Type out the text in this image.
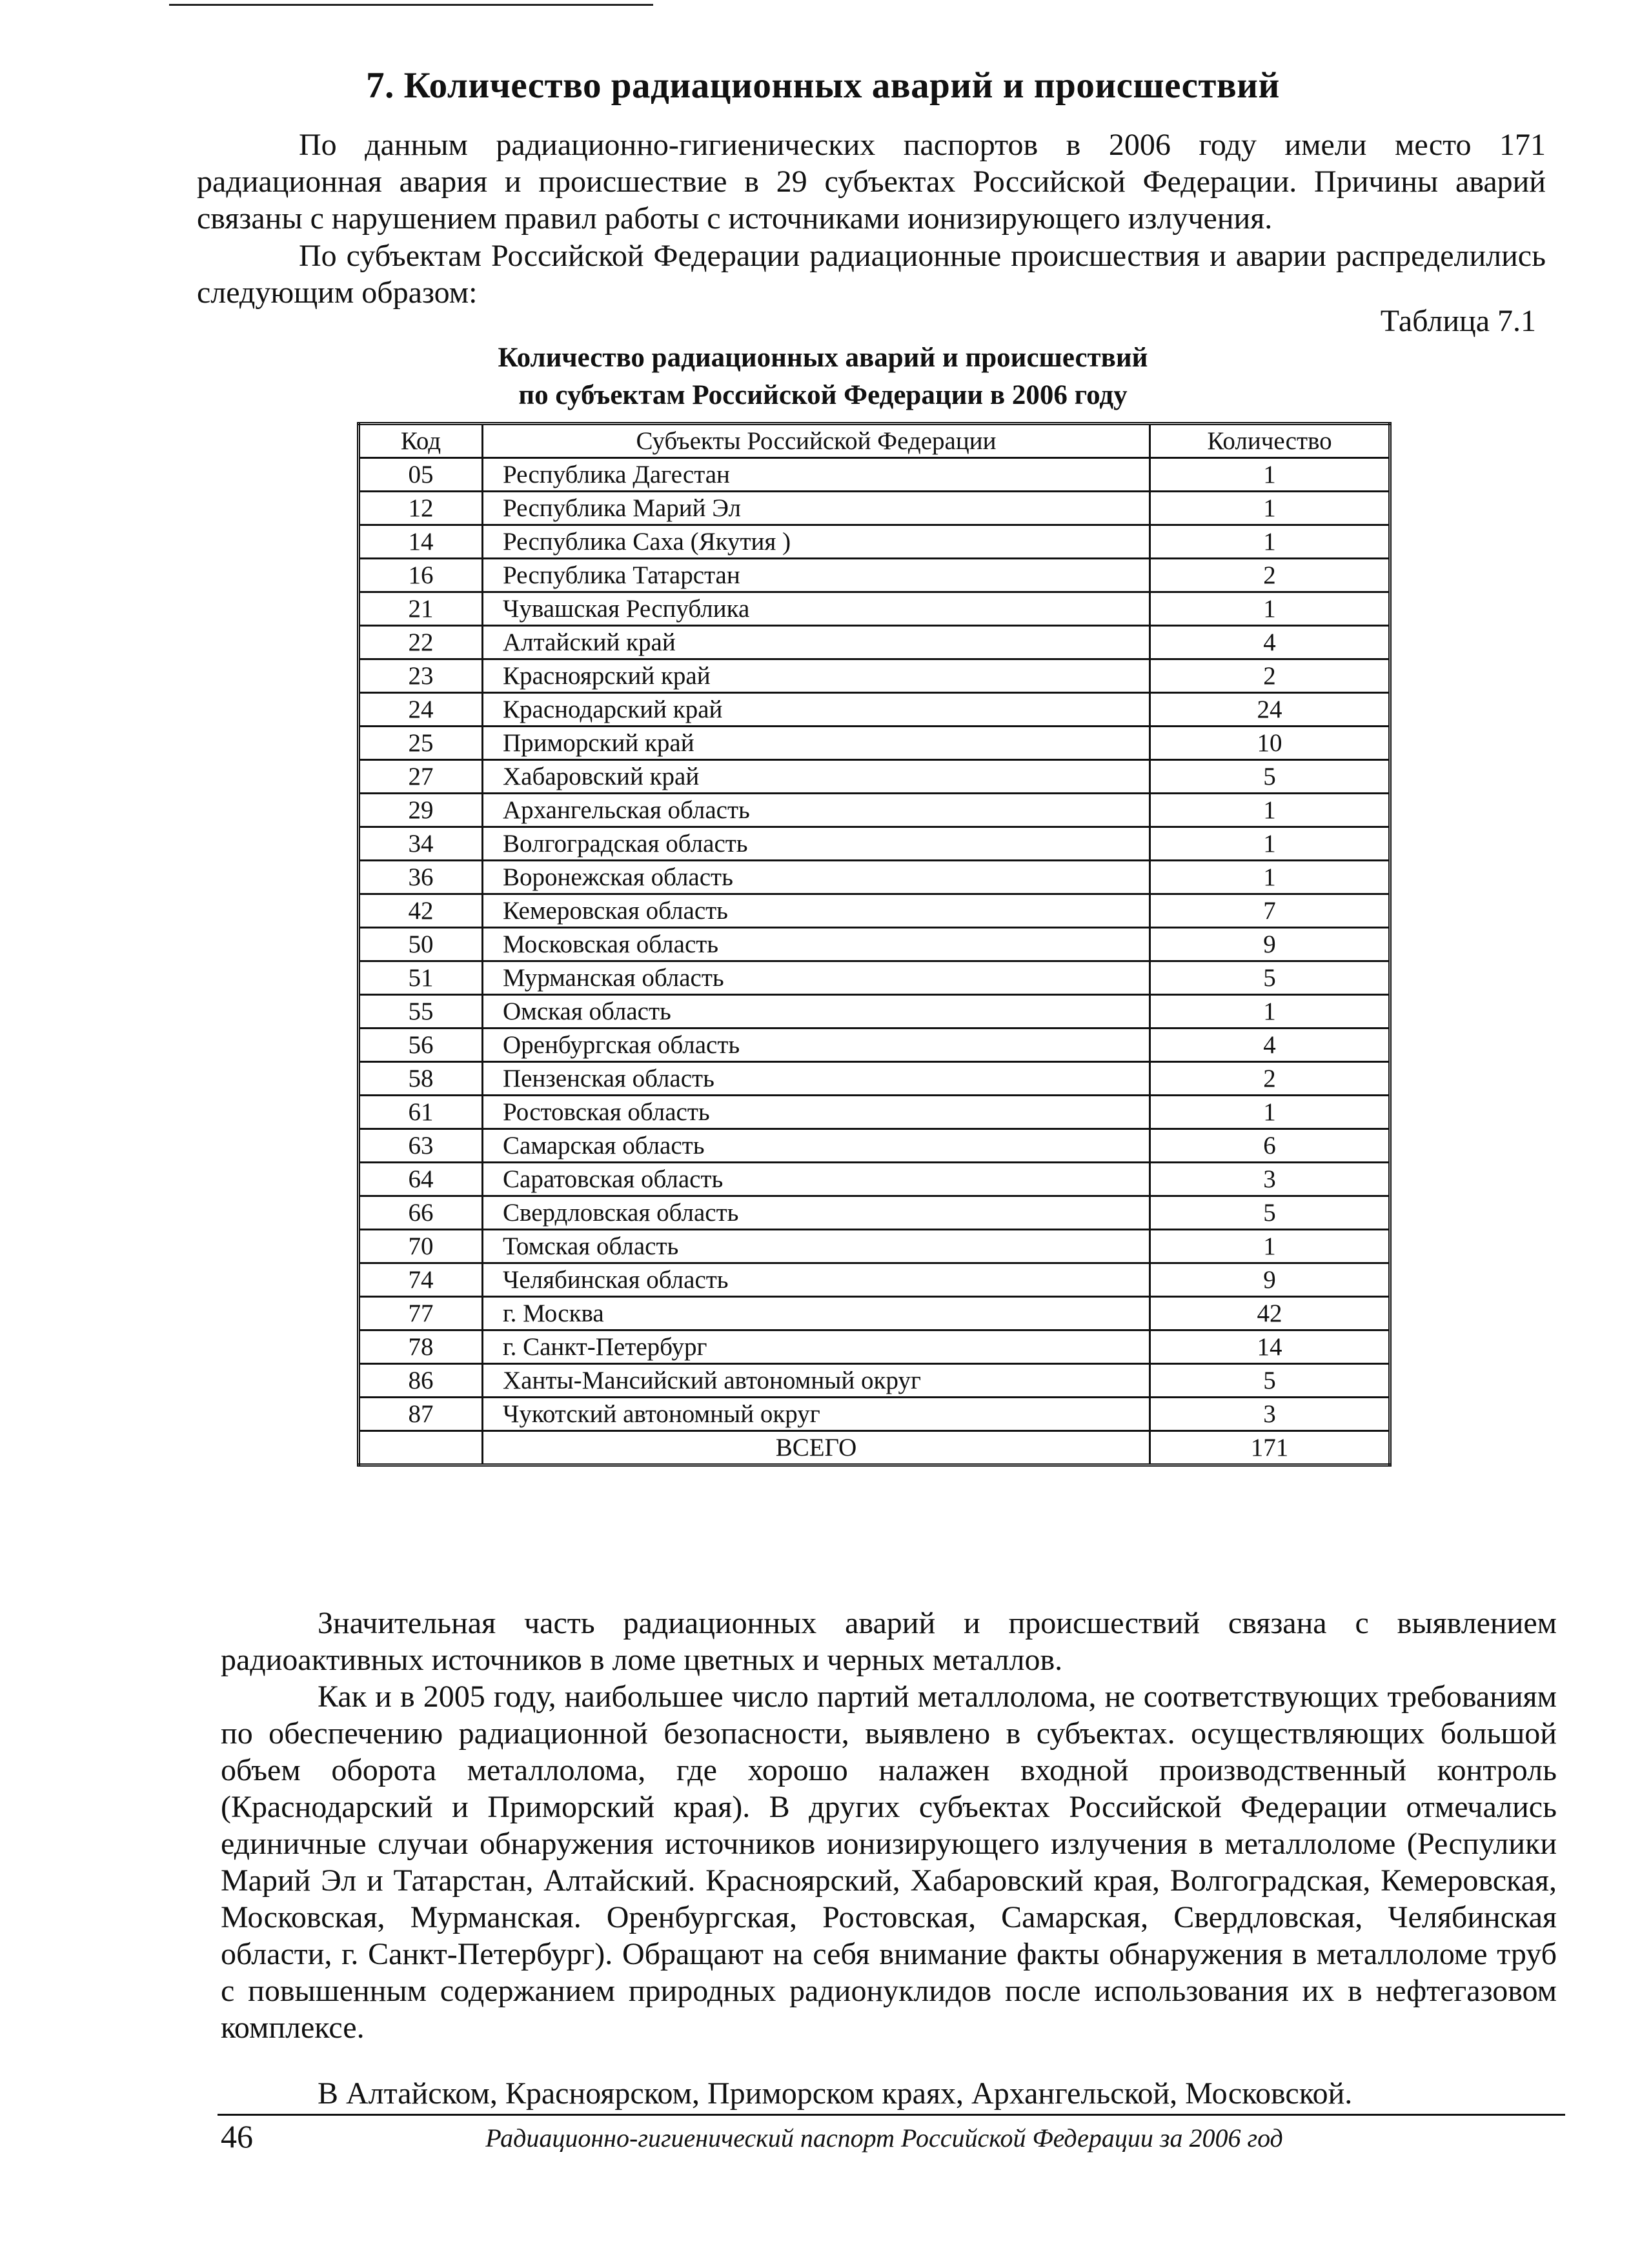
7. Количество радиационных аварий и происшествий

По данным радиационно-гигиенических паспортов в 2006 году имели место 171 радиационная авария и происшествие в 29 субъектах Российской Федерации. Причины аварий связаны с нарушением правил работы с источниками ионизирующего излучения.

По субъектам Российской Федерации радиационные происшествия и аварии распределились следующим образом:

Таблица 7.1
Количество радиационных аварий и происшествий
по субъектам Российской Федерации в 2006 году
Код	Субъекты Российской Федерации	Количество
05	Республика Дагестан	1
12	Республика Марий Эл	1
14	Республика Саха (Якутия )	1
16	Республика Татарстан	2
21	Чувашская Республика	1
22	Алтайский край	4
23	Красноярский край	2
24	Краснодарский край	24
25	Приморский край	10
27	Хабаровский край	5
29	Архангельская область	1
34	Волгоградская область	1
36	Воронежская область	1
42	Кемеровская область	7
50	Московская область	9
51	Мурманская область	5
55	Омская область	1
56	Оренбургская область	4
58	Пензенская область	2
61	Ростовская область	1
63	Самарская область	6
64	Саратовская область	3
66	Свердловская область	5
70	Томская область	1
74	Челябинская область	9
77	г. Москва	42
78	г. Санкт-Петербург	14
86	Ханты-Мансийский автономный округ	5
87	Чукотский автономный округ	3
	ВСЕГО	171

Значительная часть радиационных аварий и происшествий связана с выявлением радиоактивных источников в ломе цветных и черных металлов.

Как и в 2005 году, наибольшее число партий металлолома, не соответствующих требованиям по обеспечению радиационной безопасности, выявлено в субъектах. осуществляющих большой объем оборота металлолома, где хорошо налажен входной производственный контроль (Краснодарский и Приморский края). В других субъектах Российской Федерации отмечались единичные случаи обнаружения источников ионизирующего излучения в металлоломе (Респулики Марий Эл и Татарстан, Алтайский. Красноярский, Хабаровский края, Волгоградская, Кемеровская, Московская, Мурманская. Оренбургская, Ростовская, Самарская, Свердловская, Челябинская области, г. Санкт-Петербург). Обращают на себя внимание факты обнаружения в металлоломе труб с повышенным содержанием природных радионуклидов после использования их в нефтегазовом комплексе.

В Алтайском, Красноярском, Приморском краях, Архангельской, Московской.

46	Радиационно-гигиенический паспорт Российской Федерации за 2006 год
